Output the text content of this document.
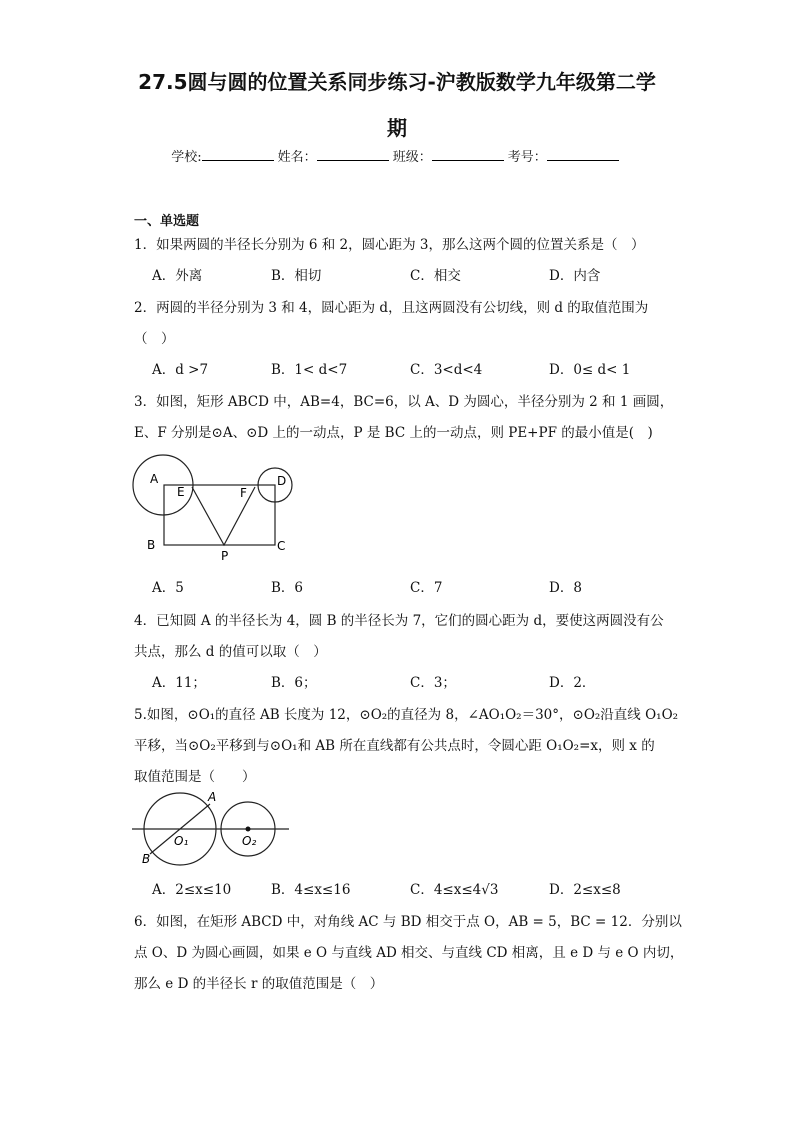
27.5圆与圆的位置关系同步练习-沪教版数学九年级第二学
期
学校:	姓名：	班级：	考号：
一、单选题
1．如果两圆的半径长分别为 6 和 2，圆心距为 3，那么这两个圆的位置关系是（　）
A．外离	B．相切	C．相交	D．内含
2．两圆的半径分别为 3 和 4，圆心距为 d，且这两圆没有公切线，则 d 的取值范围为
（　）
A．d >7	B．1< d<7	C．3<d<4	D．0≤ d< 1
3．如图，矩形 ABCD 中，AB=4，BC=6，以 A、D 为圆心，半径分别为 2 和 1 画圆，
E、F 分别是⊙A、⊙D 上的一动点，P 是 BC 上的一动点，则 PE+PF 的最小值是(　)
A
E	F
D
B
P
C
A．5	B．6	C．7	D．8
4．已知圆 A 的半径长为 4，圆 B 的半径长为 7，它们的圆心距为 d，要使这两圆没有公
共点，那么 d 的值可以取（　）
A．11；	B．6；	C．3；	D．2．
5.如图，⊙O₁的直径 AB 长度为 12，⊙O₂的直径为 8，∠AO₁O₂＝30°，⊙O₂沿直线 O₁O₂
平移，当⊙O₂平移到与⊙O₁和 AB 所在直线都有公共点时，令圆心距 O₁O₂=x，则 x 的
取值范围是（　　）
A
B
O₁	O₂
A．2≤x≤10	B．4≤x≤16	C．4≤x≤4√3	D．2≤x≤8
6．如图，在矩形 ABCD 中，对角线 AC 与 BD 相交于点 O，AB = 5，BC = 12．分别以
点 O、D 为圆心画圆，如果 e O 与直线 AD 相交、与直线 CD 相离，且 e D 与 e O 内切，
那么 e D 的半径长 r 的取值范围是（　）
